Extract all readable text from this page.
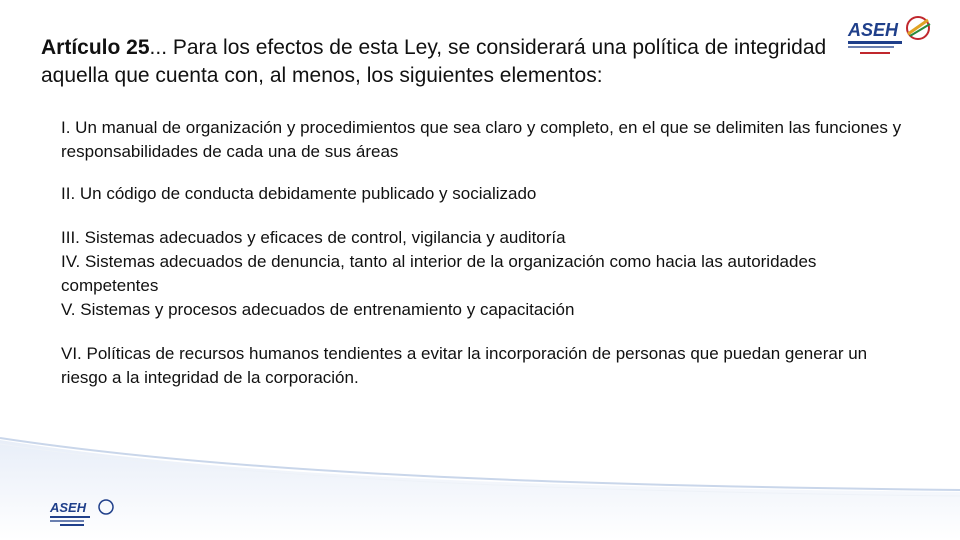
ASEH
Artículo 25... Para los efectos de esta Ley, se considerará una política de integridad aquella que cuenta con, al menos, los siguientes elementos:

I. Un manual de organización y procedimientos que sea claro y completo, en el que se delimiten las funciones y responsabilidades de cada una de sus áreas

II. Un código de conducta debidamente publicado y socializado

III. Sistemas adecuados y eficaces de control, vigilancia y auditoría

IV. Sistemas adecuados de denuncia, tanto al interior de la organización como hacia las autoridades competentes

V. Sistemas y procesos adecuados de entrenamiento y capacitación

VI. Políticas de recursos humanos tendientes a evitar la incorporación de personas que puedan generar un riesgo a la integridad de la corporación.

ASEH
